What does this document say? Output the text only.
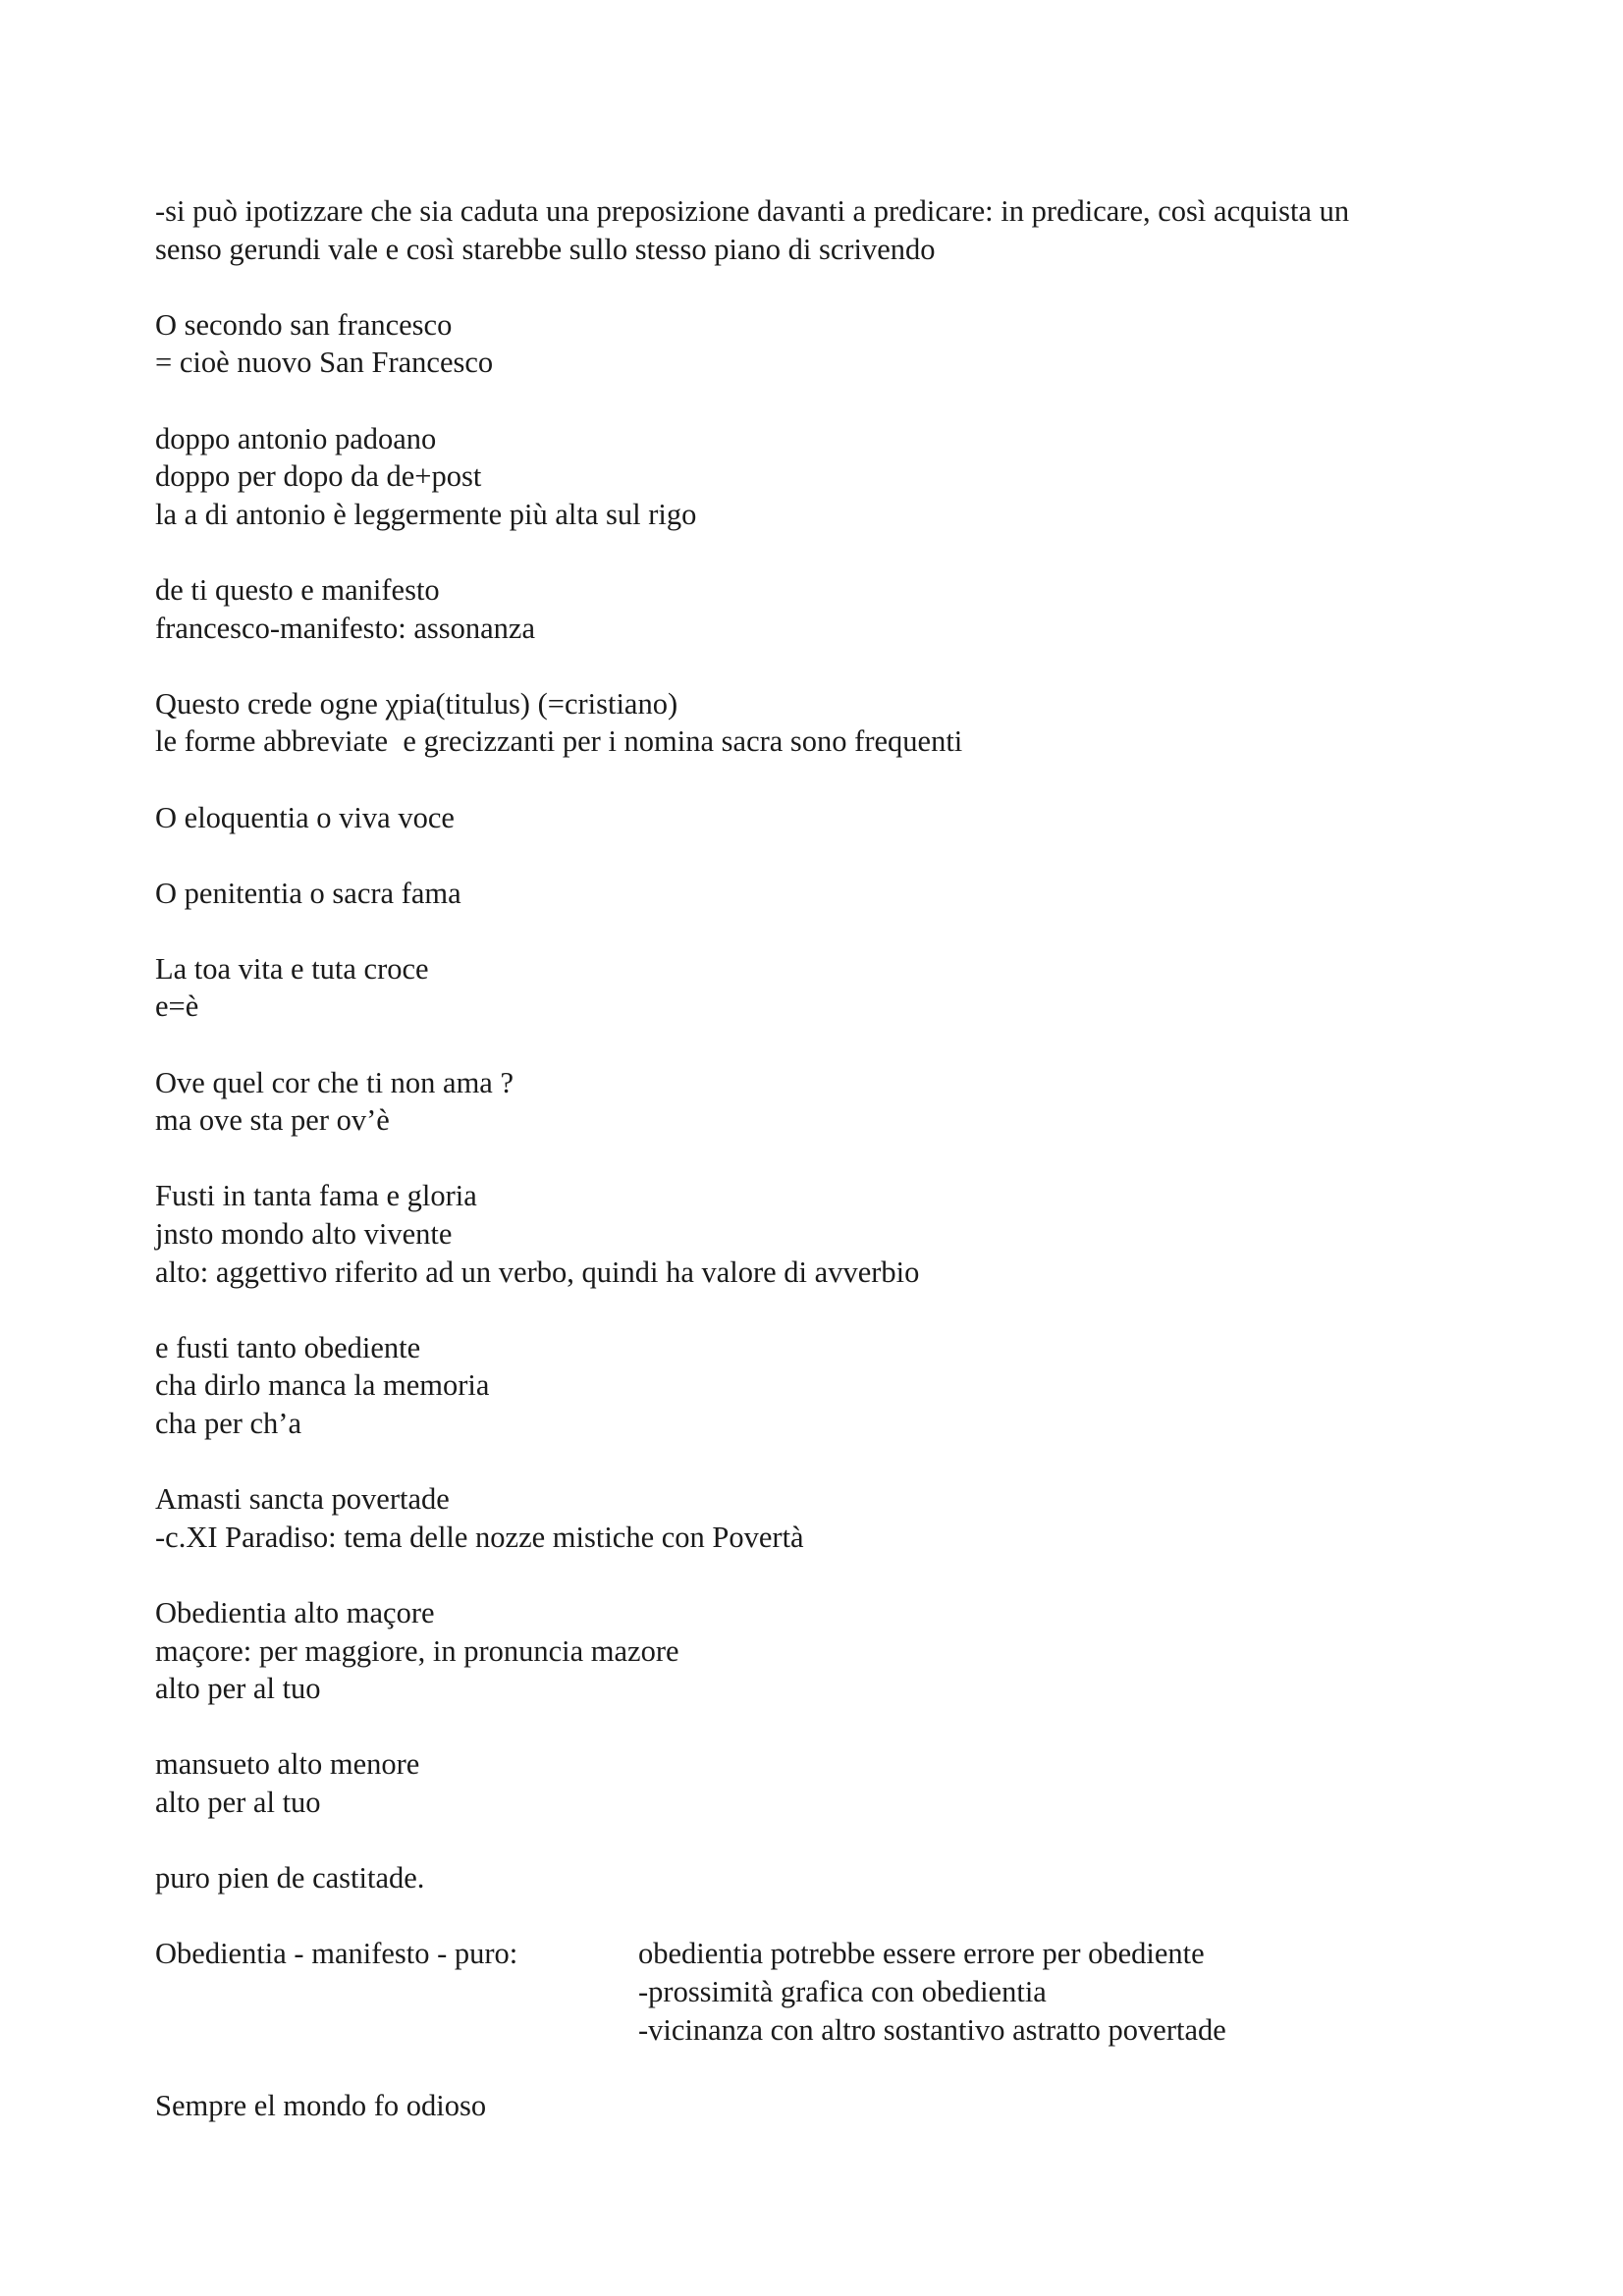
-si può ipotizzare che sia caduta una preposizione davanti a predicare: in predicare, così acquista un
senso gerundi vale e così starebbe sullo stesso piano di scrivendo
O secondo san francesco
= cioè nuovo San Francesco
doppo antonio padoano
doppo per dopo da de+post
la a di antonio è leggermente più alta sul rigo
de ti questo e manifesto
francesco-manifesto: assonanza
Questo crede ogne χpia(titulus) (=cristiano)
le forme abbreviate  e grecizzanti per i nomina sacra sono frequenti
O eloquentia o viva voce
O penitentia o sacra fama
La toa vita e tuta croce
e=è
Ove quel cor che ti non ama ?
ma ove sta per ov’è
Fusti in tanta fama e gloria
jnsto mondo alto vivente
alto: aggettivo riferito ad un verbo, quindi ha valore di avverbio
e fusti tanto obediente
cha dirlo manca la memoria
cha per ch’a
Amasti sancta povertade
-c.XI Paradiso: tema delle nozze mistiche con Povertà
Obedientia alto maçore
maçore: per maggiore, in pronuncia mazore
alto per al tuo
mansueto alto menore
alto per al tuo
puro pien de castitade.
Obedientia - manifesto - puro:	obedientia potrebbe essere errore per obediente
-prossimità grafica con obedientia
-vicinanza con altro sostantivo astratto povertade
Sempre el mondo fo odioso
